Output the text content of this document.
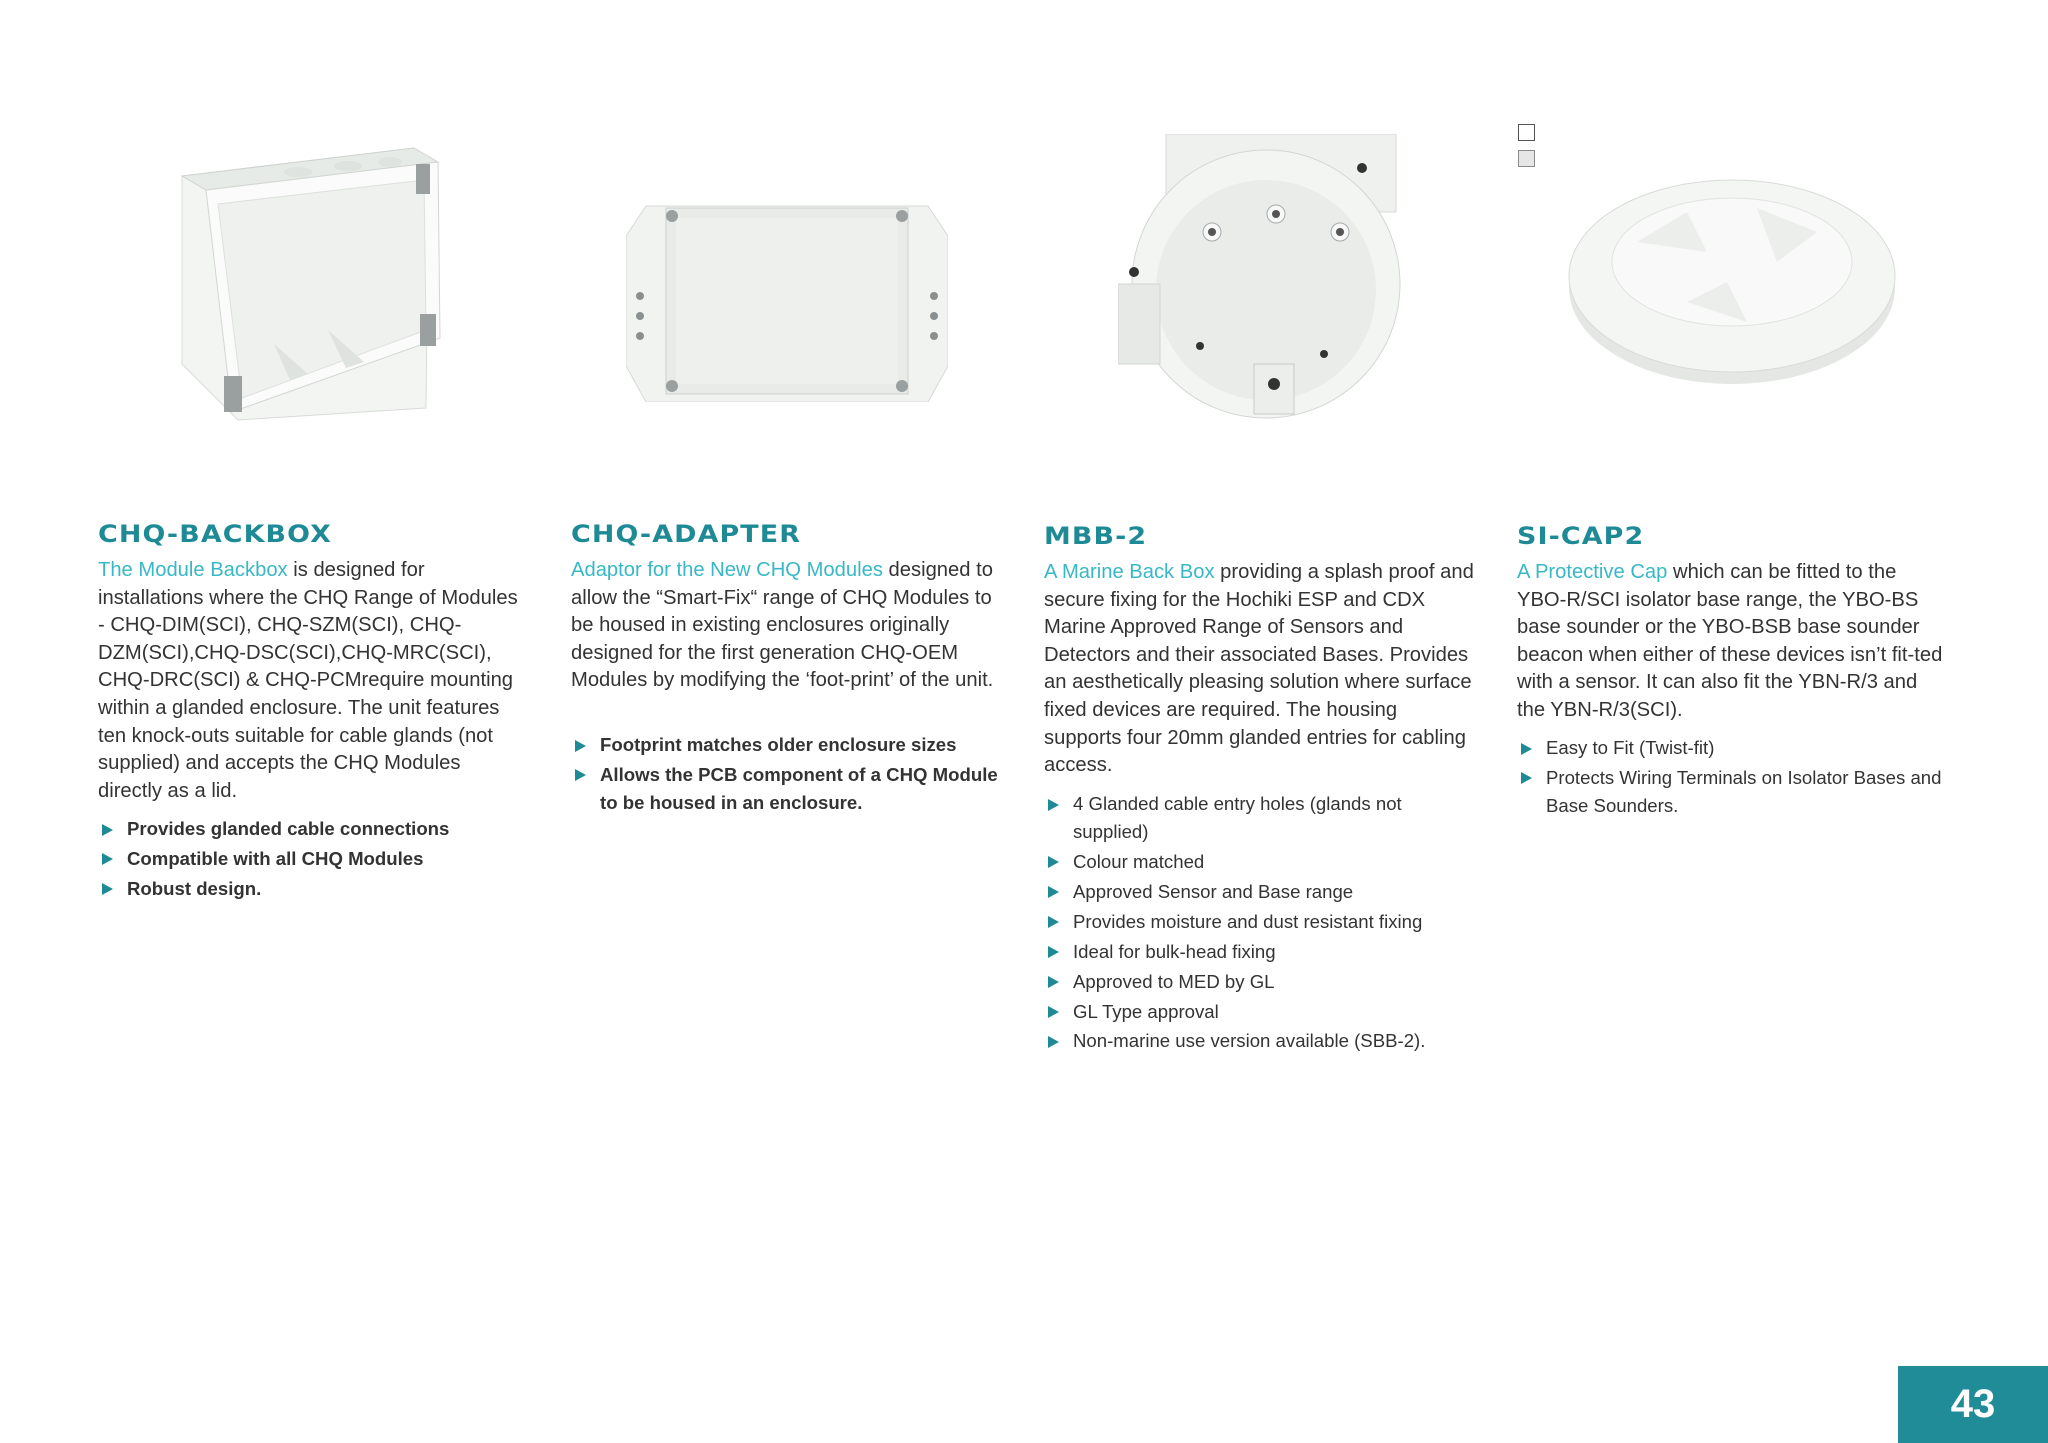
CHQ-BACKBOX

The Module Backbox is designed for installations where the CHQ Range of Modules - CHQ-DIM(SCI), CHQ-SZM(SCI), CHQ-DZM(SCI),CHQ-DSC(SCI),CHQ-MRC(SCI), CHQ-DRC(SCI) & CHQ-PCMrequire mounting within a glanded enclosure. The unit features ten knock-outs suitable for cable glands (not supplied) and accepts the CHQ Modules directly as a lid.

Provides glanded cable connections
Compatible with all CHQ Modules
Robust design.
CHQ-ADAPTER

Adaptor for the New CHQ Modules designed to allow the “Smart-Fix“ range of CHQ Modules to be housed in existing enclosures originally designed for the first generation CHQ-OEM Modules by modifying the ‘foot-print’ of the unit.

Footprint matches older enclosure sizes
Allows the PCB component of a CHQ Module to be housed in an enclosure.
MBB-2

A Marine Back Box providing a splash proof and secure fixing for the Hochiki ESP and CDX Marine Approved Range of Sensors and Detectors and their associated Bases. Provides an aesthetically pleasing solution where surface fixed devices are required. The housing supports four 20mm glanded entries for cabling access.

4 Glanded cable entry holes (glands not supplied)
Colour matched
Approved Sensor and Base range
Provides moisture and dust resistant fixing
Ideal for bulk-head fixing
Approved to MED by GL
GL Type approval
Non-marine use version available (SBB-2).
SI-CAP2

A Protective Cap which can be fitted to the YBO-R/SCI isolator base range, the YBO-BS base sounder or the YBO-BSB base sounder beacon when either of these devices isn’t fit-ted with a sensor. It can also fit the YBN-R/3 and the YBN-R/3(SCI).

Easy to Fit (Twist-fit)
Protects Wiring Terminals on Isolator Bases and Base Sounders.
43
